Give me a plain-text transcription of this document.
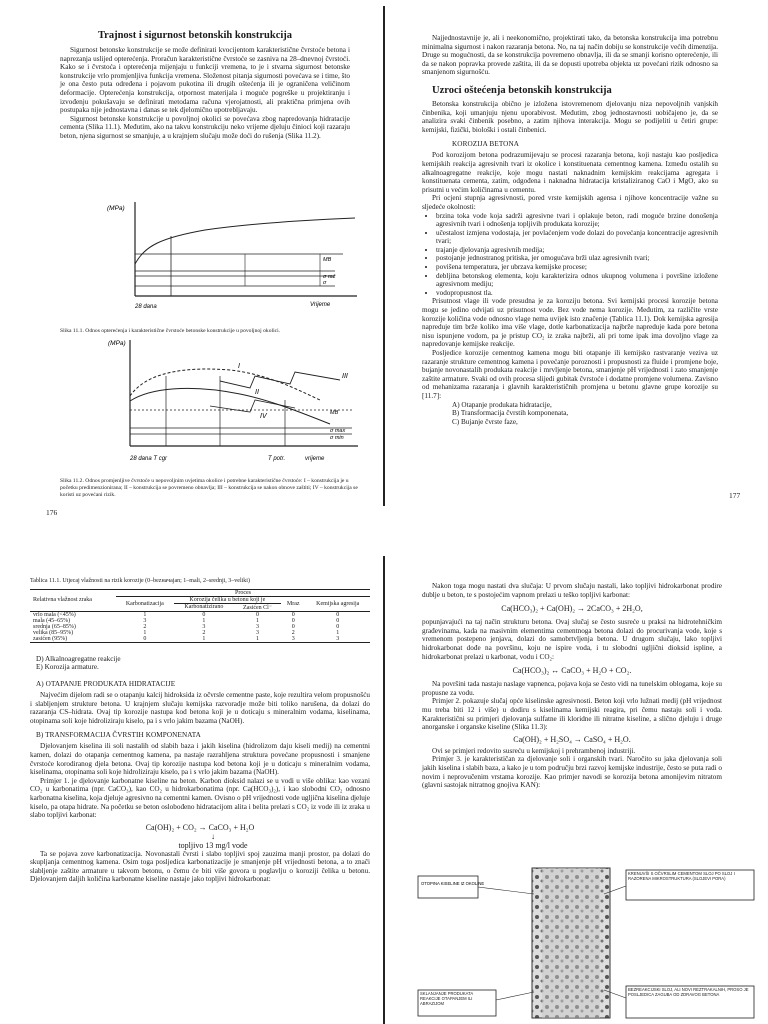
Trajnost i sigurnost betonskih konstrukcija

Sigurnost betonske konstrukcije se može definirati kvocijentom karakteristične čvrstoće betona i naprezanja uslijed opterećenja. Proračun karakteristične čvrstoće se zasniva na 28–dnevnoj čvrstoći. Kako se i čvrstoća i opterećenja mijenjaju u funkciji vremena, to je i stvarna sigurnost betonske konstrukcije vrlo promjenljiva funkcija vremena. Složenost pitanja sigurnosti povećava se i time, što je ona često puta određena i pojavom pukotina ili drugih oštećenja ili je ograničena veličinom deformacije. Opterećenja konstrukcija, otpornost materijala i moguće pogreške u projektiranju i izvođenju pokušavaju se definirati metodama računa vjerojatnosti, ali praktična primjena ovih postupaka nije jednostavna i danas se tek djelomično upotrebljavaju.

Sigurnost betonske konstrukcije u povoljnoj okolici se povećava zbog napredovanja hidratacije cementa (Slika 11.1). Međutim, ako na takvu konstrukciju neko vrijeme djeluju činioci koji razaraju beton, njena sigurnost se smanjuje, a u krajnjem slučaju može doći do rušenja (Slika 11.2).

(MPa)
MB
σ rač
σ
28 dana	Vrijeme

Slika 11.1. Odnos opterećenja i karakteristične čvrstoće betonske konstrukcije u povoljnoj okolici.

(MPa)
I
II
III
IV	MB
σ max
σ min
28 dana T cgr	T potr.	vrijeme

Slika 11.2. Odnos promjenljive čvrstoće u nepovoljnim uvjetima okolice i potrebne karakteristične čvrstoće: I – konstrukcija je u početku predimenzionirana; II – konstrukcija se povremeno obnavlja; III – konstrukcija se nakon obnove zaštiti; IV – konstrukcija se koristi uz povećani rizik.

176

Najjednostavnije je, ali i neekonomično, projektirati tako, da betonska konstrukcija ima potrebnu minimalna sigurnost i nakon razaranja betona. No, na taj način dobiju se konstrukcije većih dimenzija. Druge su mogućnosti, da se konstrukcija povremeno obnavlja, ili da se smanji korisno opterećenje, ili da se nakon popravka provede zaštita, ili da se dopusti upotreba objekta uz povećani rizik odnosno sa smanjenom sigurnošću.

Uzroci oštećenja betonskih konstrukcija

Betonska konstrukcija obično je izložena istovremenom djelovanju niza nepovoljnih vanjskih činbenika, koji umanjuju njenu uporabivost. Međutim, zbog jednostavnosti uobičajeno je, da se analizira svaki činbenik posebno, a zatim njihova interakcija. Mogu se podijeliti u četiri grupe: kemijski, fizički, biološki i ostali činbenici.

KOROZIJA BETONA

Pod korozijom betona podrazumijevaju se procesi razaranja betona, koji nastaju kao posljedica kemijskih reakcija agresivnih tvari iz okolice i konstituenata cementnog kamena. Između ostalih su alkalnoagregatne reakcije, koje mogu nastati naknadnim kemijskim reakcijama agregata i konstituenata cementa, zatim, odgođena i naknadna hidratacija kristaliziranog CaO i MgO, ako su prisutni u većim količinama u cementu.

Pri ocjeni stupnja agresivnosti, pored vrste kemijskih agensa i njihove koncentracije važne su sljedeće okolnosti:

• brzina toka vode koja sadrži agresivne tvari i oplakuje beton, radi moguće brzine donošenja agresivnih tvari i odnošenja topljivih produkata korozije;
• učestalost izmjena vodostaja, jer povlaćenjem vode dolazi do povećanja koncentracije agresivnih tvari;
• trajanje djelovanja agresivnih medija;
• postojanje jednostranog pritiska, jer omogućava brži ulaz agresivnih tvari;
• povišena temperatura, jer ubrzava kemijske procese;
• debljina betonskog elementa, koju karakterizira odnos ukupnog volumena i površine izložene agresivnom mediju;
• vodopropusnost tla.

Prisutnost vlage ili vode presudna je za koroziju betona. Svi kemijski procesi korozije betona mogu se jedino odvijati uz prisutnost vode. Bez vode nema korozije. Međutim, za različite vrste korozije količina vode odnosno vlage nema uvijek isto značenje (Tablica 11.1). Dok kemijska agresija napreduje tim brže koliko ima više vlage, dotle karbonatizacija najbrže napreduje kada pore betona nisu ispunjene vodom, pa je pristup CO₂ iz zraka najbrži, ali pri tome ipak ima dovoljno vlage za napredovanje kemijske reakcije.

Posljedice korozije cementnog kamena mogu biti otapanje ili kemijsko rastvaranje veziva uz razaranje strukture cementnog kamena i povećanje poroznosti i propusnosti za fluide i promjene boje, bujanje novonastalih produkata reakcije i mrvljenje betona, smanjenje pH vrijednosti i zato smanjenje zaštite armature. Svaki od ovih procesa slijedi gubitak čvrstoće i dodatne promjene volumena. Zavisno od mehanizama razaranja i glavnih karakterističnih promjena u betonu glavne grupe korozije su [11.7]:

A) Otapanje produkata hidratacije,

B) Transformacija čvrstih komponenata,

C) Bujanje čvrste faze,

177

Tablica 11.1. Utjecaj vlažnosti na rizik korozije (0–bezначajan; 1–mali, 2–srednji, 3–veliki)

Relativna vlažnost zraka	Proces				
	Karbonatizacija	Korozija čelika u betonu koji je		Mraz	Kemijska agresija
		Karbonatizirano	Zasićen Cl⁻		
vrlo mala (<45%)	1	0	0	0	0
mala (45–65%)	3	1	1	0	0
srednja (65–85%)	2	3	3	0	0
velika (85–95%)	1	2	3	2	1
zasićen (95%)	0	1	1	3	3

D) Alkalnoagregatne reakcije

E) Korozija armature.

A) OTAPANJE PRODUKATA HIDRATACIJE

Najvećim dijelom radi se o otapanju kalcij hidroksida iz očvrsle cementne paste, koje rezultira velom propusnošću i slabljenjem strukture betona. U krajnjem slučaju kemijska razvoradje može biti toliko narušena, da dolazi do razaranja CS–hidrata. Ovaj tip korozije nastupa kod betona koji je u doticaju s mineralnim vodama, kiselinama, otopinama soli koje hidroliziraju kiselo, pa i s vrlo jakim bazama (NaOH).

B) TRANSFORMACIJA ČVRSTIH KOMPONENATA

Djelovanjem kiselina ili soli nastalih od slabih baza i jakih kiselina (hidrolizom daju kiseli medij) na cementni kamen, dolazi do otapanja cementnog kamena, pa nastaje razrahljena struktura povećane propusnosti i smanjene čvrstoće korodiranog djela betona. Ovaj tip korozije nastupa kod betona koji je u doticaju s mineralnim vodama, kiselinama, otopinama soli koje hidroliziraju kiselo, pa i s vrlo jakim bazama (NaOH).

Primjer 1. je djelovanje karbonatne kiseline na beton. Karbon dioksid nalazi se u vodi u više oblika: kao vezani CO₂ u karbonatima (npr. CaCO₃), kao CO₂ u hidrokarbonatima (npr. Ca(HCO₃)₂), i kao slobodni CO₂ odnosno karbonatna kiselina, koja djeluje agresivno na cementni kamen. Ovisno o pH vrijednosti vode ugljična kiselina djeluje kiselo, pa otapa hidrate. Na početku se beton oslobođeno hidratacijom alita i belita prelazi s CO₂ iz vode ili iz zraka u slabo topljivi karbonat:

Ca(OH)₂ + CO₂ → CaCO₃ + H₂O

↓

topljivo 13 mg/l vode

Ta se pojava zove karbonatizacija. Novonastali čvrsti i slabo topljivi spoj zauzima manji prostor, pa dolazi do skupljanja cementnog kamena. Osim toga posljedica karbonatizacije je smanjenje pH vrijednosti betona, a to znači slabljenje zaštite armature u takvom betonu, o čemu će biti više govora u poglavlju o koroziji čelika u betonu. Djelovanjem daljih količina karbonatne kiseline nastaje jako topljivi hidrokarbonat:

Nakon toga mogu nastati dva slučaja: U prvom slučaju nastali, lako topljivi hidrokarbonat prodire dublje u beton, te s postojećim vapnom prelazi u teško topljivi karbonat:

Ca(HCO₃)₂ + Ca(OH)₂ → 2CaCO₃ + 2H₂O,

popunjavajući na taj način strukturu betona. Ovaj slučaj se često susreće u praksi na hidrotehničkim građevinama, kada na masivnim elementima cementnoga betona dolazi do procurivanja vode, koje s vremenom postepeno jenjava, dolazi do samobrtvljenja betona. U drugom slučaju, lako topljivi hidrokarbonat dođe na površinu, koju ne ispire voda, i tu slobodni ugljični dioksid ispline, a hidrokarbonat prelazi u karbonat, vodu i CO₂:

Ca(HCO₃)₂ ↔ CaCO₃ + H₂O + CO₂.

Na površini tada nastaju naslage vapnenca, pojava koja se često vidi na tunelskim oblogama, koje su propusne za vodu.

Primjer 2. pokazuje slučaj opće kiselinske agresivnosti. Beton koji vrlo lužnati medij (pH vrijednost mu treba biti 12 i više) u dodiru s kiselinama kemijski reagira, pri čemu nastaju soli i voda. Karakteristični su primjeri djelovanja sulfatne ili kloridne ili nitratne kiseline, a slično djeluju i druge anorganske i organske kiseline (Slika 11.3):

Ca(OH)₂ + H₂SO₄ → CaSO₄ + H₂O.

Ovi se primjeri redovito susreću u kemijskoj i prehrambenoj industriji.

Primjer 3. je karakterističan za djelovanje soli i organskih tvari. Naročito su jaka djelovanja soli jakih kiselina i slabih baza, a kako je u tom području brzi razvoj kemijske industrije, često se puta radi o novim i neprovučenim vrstama korozije. Kao primjer navodi se korozija betona amonijevim nitratom (glavni sastojak nitratnog gnojiva KAN):

OTOPINA KISELINE IZ OKOLINE
KRENUVŠI S OČVRSLIM CEMENTOM SLOJ PO SLOJ I RAZORENA MIKROSTRUKTURA (SLOJEVI PORA)
SKLANJANJE PRODUKATA REAKCIJE OTAPANJEM ILI ABRAZIJOM
BEZREAKCIJSKI SLOJ, ALI NOVI REZTRAKALNIH, PROSO JE POSLJEDICA ZAGUBA OD ZDRAVOG BETONA
